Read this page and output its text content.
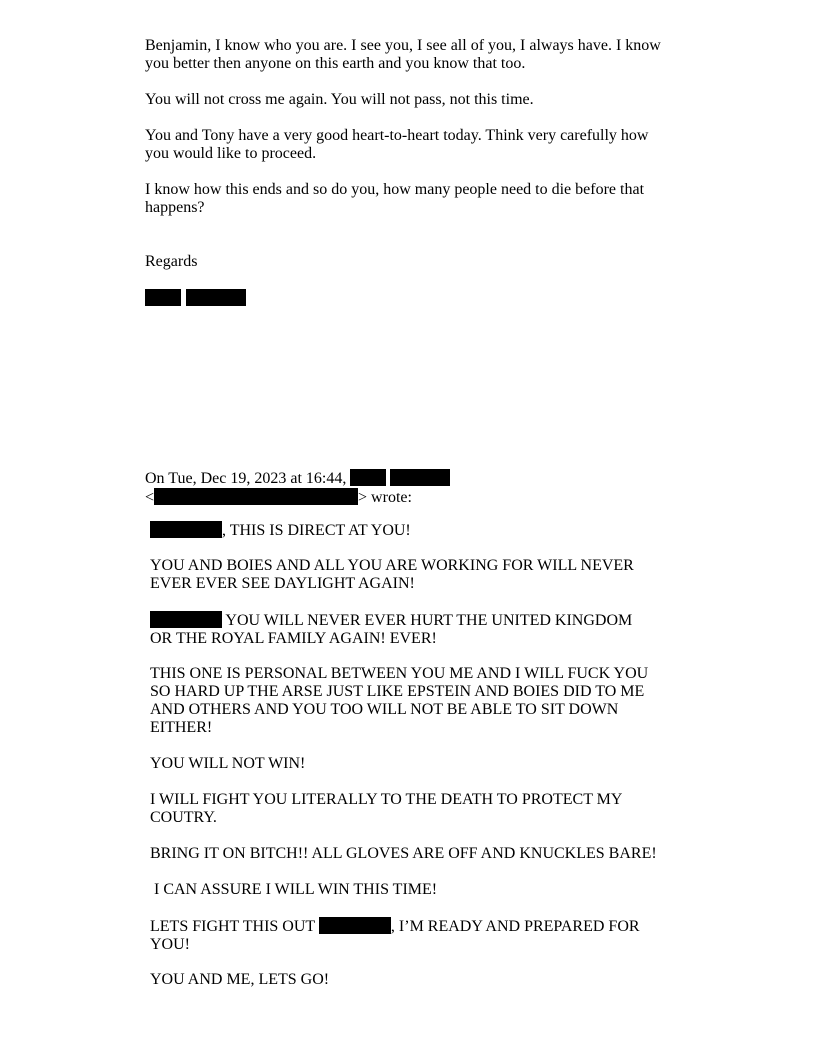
Benjamin, I know who you are. I see you, I see all of you, I always have. I know
you better then anyone on this earth and you know that too.

You will not cross me again. You will not pass, not this time.

You and Tony have a very good heart-to-heart today. Think very carefully how
you would like to proceed.

I know how this ends and so do you, how many people need to die before that
happens?

Regards

On Tue, Dec 19, 2023 at 16:44,
<	> wrote:

, THIS IS DIRECT AT YOU!

YOU AND BOIES AND ALL YOU ARE WORKING FOR WILL NEVER
EVER EVER SEE DAYLIGHT AGAIN!

YOU WILL NEVER EVER HURT THE UNITED KINGDOM
OR THE ROYAL FAMILY AGAIN! EVER!

THIS ONE IS PERSONAL BETWEEN YOU ME AND I WILL FUCK YOU
SO HARD UP THE ARSE JUST LIKE EPSTEIN AND BOIES DID TO ME
AND OTHERS AND YOU TOO WILL NOT BE ABLE TO SIT DOWN
EITHER!

YOU WILL NOT WIN!

I WILL FIGHT YOU LITERALLY TO THE DEATH TO PROTECT MY
COUTRY.

BRING IT ON BITCH!! ALL GLOVES ARE OFF AND KNUCKLES BARE!

I CAN ASSURE I WILL WIN THIS TIME!

LETS FIGHT THIS OUT	, I’M READY AND PREPARED FOR
YOU!

YOU AND ME, LETS GO!
